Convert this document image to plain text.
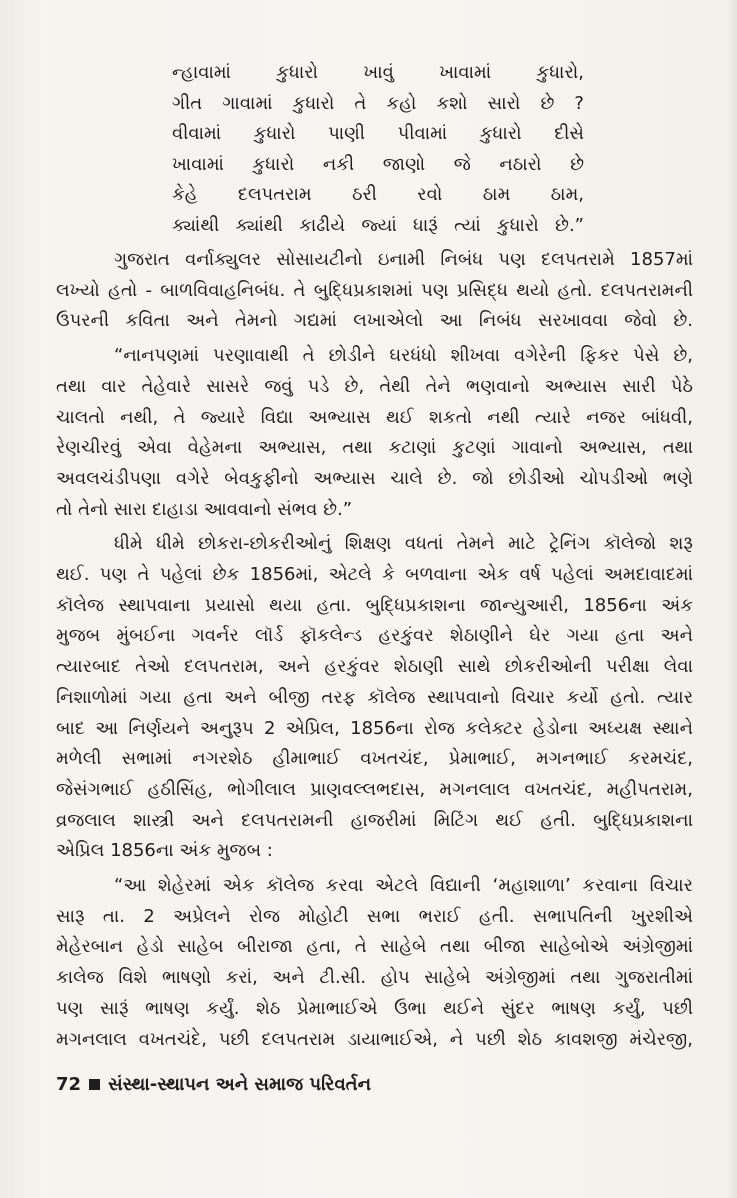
ન્હાવામાં કુધારો ખાવું ખાવામાં કુધારો,
ગીત ગાવામાં કુધારો તે કહો કશો સારો છે ?
વીવામાં કુધારો પાણી પીવામાં કુધારો દીસે
ખાવામાં કુધારો નકી જાણો જે નઠારો છે
કેહે દલપતરામ ઠરી રવો ઠામ ઠામ,
ક્યાંથી ક્યાંથી કાઢીયે જ્યાં ધારૂં ત્યાં કુધારો છે.”
ગુજરાત વર્નાક્યુલર સોસાયટીનો ઇનામી નિબંધ પણ દલપતરામે 1857માં
લખ્યો હતો - બાળવિવાહનિબંધ. તે બુદ્ધિપ્રકાશમાં પણ પ્રસિદ્ધ થયો હતો. દલપતરામની
ઉપરની કવિતા અને તેમનો ગદ્યમાં લખાએલો આ નિબંધ સરખાવવા જેવો છે.
“નાનપણમાં પરણાવાથી તે છોડીને ઘરધંધો શીખવા વગેરેની ફિકર પેસે છે,
તથા વાર તેહેવારે સાસરે જવું પડે છે, તેથી તેને ભણવાનો અભ્યાસ સારી પેઠે
ચાલતો નથી, તે જ્યારે વિદ્યા અભ્યાસ થઈ શકતો નથી ત્યારે નજર બાંધવી,
રેણચીરવું એવા વેહેમના અભ્યાસ, તથા કટાણાં કુટણાં ગાવાનો અભ્યાસ, તથા
અવલચંડીપણા વગેરે બેવકુફીનો અભ્યાસ ચાલે છે. જો છોડીઓ ચોપડીઓ ભણે
તો તેનો સારા દાહાડા આવવાનો સંભવ છે.”
ધીમે ધીમે છોકરા-છોકરીઓનું શિક્ષણ વધતાં તેમને માટે ટ્રેનિંગ કૉલેજો શરૂ
થઈ. પણ તે પહેલાં છેક 1856માં, એટલે કે બળવાના એક વર્ષ પહેલાં અમદાવાદમાં
કૉલેજ સ્થાપવાના પ્રયાસો થયા હતા. બુદ્ધિપ્રકાશના જાન્યુઆરી, 1856ના અંક
મુજબ મુંબઈના ગવર્નર લૉર્ડ ફૉકલેન્ડ હરકુંવર શેઠાણીને ઘેર ગયા હતા અને
ત્યારબાદ તેઓ દલપતરામ, અને હરકુંવર શેઠાણી સાથે છોકરીઓની પરીક્ષા લેવા
નિશાળોમાં ગયા હતા અને બીજી તરફ કૉલેજ સ્થાપવાનો વિચાર કર્યો હતો. ત્યાર
બાદ આ નિર્ણયને અનુરૂપ 2 એપ્રિલ, 1856ના રોજ કલેક્ટર હેડોના અધ્યક્ષ સ્થાને
મળેલી સભામાં નગરશેઠ હીમાભાઈ વખતચંદ, પ્રેમાભાઈ, મગનભાઈ કરમચંદ,
જેસંગભાઈ હઠીસિંહ, ભોગીલાલ પ્રાણવલ્લભદાસ, મગનલાલ વખતચંદ, મહીપતરામ,
વ્રજલાલ શાસ્ત્રી અને દલપતરામની હાજરીમાં મિટિંગ થઈ હતી. બુદ્ધિપ્રકાશના
એપ્રિલ 1856ના અંક મુજબ :
“આ શેહેરમાં એક કૉલેજ કરવા એટલે વિદ્યાની ‘મહાશાળા’ કરવાના વિચાર
સારૂ તા. 2 અપ્રેલને રોજ મોહોટી સભા ભરાઈ હતી. સભાપતિની ખુરશીએ
મેહેરબાન હેડો સાહેબ બીરાજા હતા, તે સાહેબે તથા બીજા સાહેબોએ અંગ્રેજીમાં
કાલેજ વિશે ભાષણો કરાં, અને ટી.સી. હોપ સાહેબે અંગ્રેજીમાં તથા ગુજરાતીમાં
પણ સારૂં ભાષણ કર્યું. શેઠ પ્રેમાભાઈએ ઉભા થઈને સુંદર ભાષણ કર્યું, પછી
મગનલાલ વખતચંદે, પછી દલપતરામ ડાયાભાઈએ, ને પછી શેઠ કાવશજી મંચેરજી,
72 સંસ્થા-સ્થાપન અને સમાજ પરિવર્તન
